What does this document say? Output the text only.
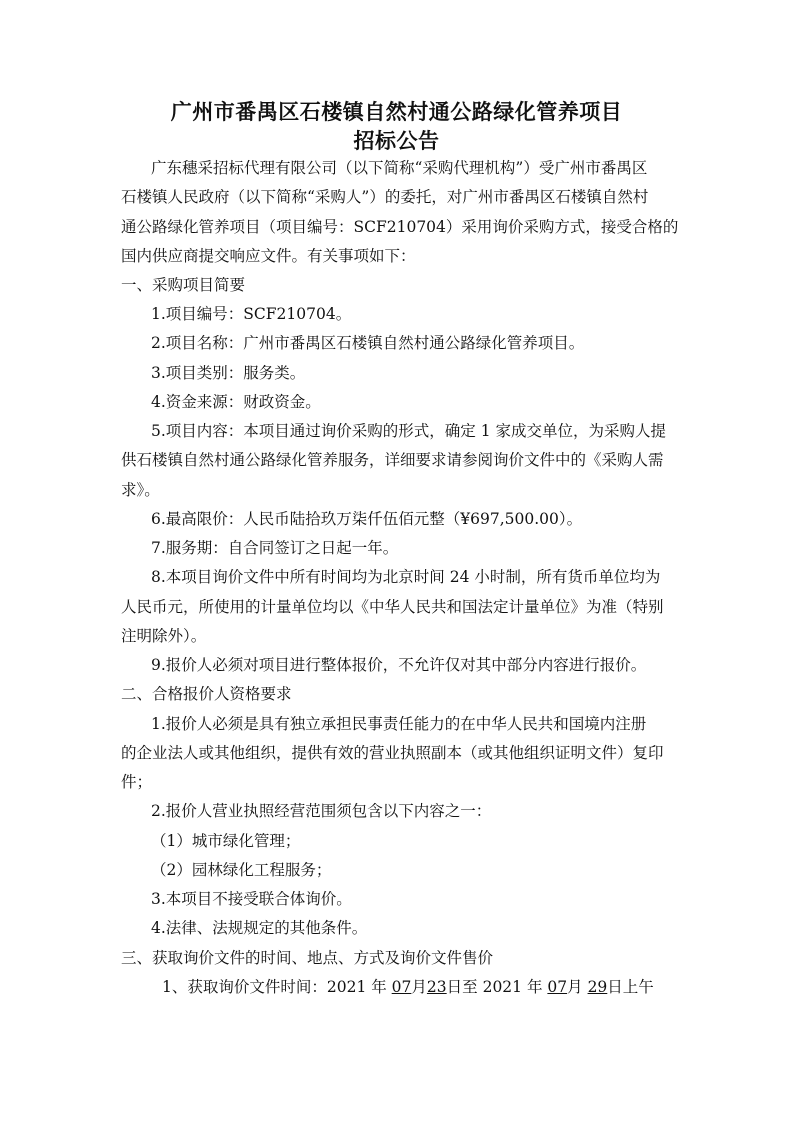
广州市番禺区石楼镇自然村通公路绿化管养项目
招标公告
广东穗采招标代理有限公司（以下简称“采购代理机构”）受广州市番禺区
石楼镇人民政府（以下简称“采购人”）的委托，对广州市番禺区石楼镇自然村
通公路绿化管养项目（项目编号：SCF210704）采用询价采购方式，接受合格的
国内供应商提交响应文件。有关事项如下：
一、采购项目简要
1.项目编号：SCF210704。
2.项目名称：广州市番禺区石楼镇自然村通公路绿化管养项目。
3.项目类别：服务类。
4.资金来源：财政资金。
5.项目内容：本项目通过询价采购的形式，确定 1 家成交单位，为采购人提
供石楼镇自然村通公路绿化管养服务，详细要求请参阅询价文件中的《采购人需
求》。
6.最高限价：人民币陆拾玖万柒仟伍佰元整（¥697,500.00）。
7.服务期：自合同签订之日起一年。
8.本项目询价文件中所有时间均为北京时间 24 小时制，所有货币单位均为
人民币元，所使用的计量单位均以《中华人民共和国法定计量单位》为准（特别
注明除外）。
9.报价人必须对项目进行整体报价，不允许仅对其中部分内容进行报价。
二、合格报价人资格要求
1.报价人必须是具有独立承担民事责任能力的在中华人民共和国境内注册
的企业法人或其他组织，提供有效的营业执照副本（或其他组织证明文件）复印
件；
2.报价人营业执照经营范围须包含以下内容之一：
（1）城市绿化管理；
（2）园林绿化工程服务；
3.本项目不接受联合体询价。
4.法律、法规规定的其他条件。
三、获取询价文件的时间、地点、方式及询价文件售价
1、获取询价文件时间：2021 年 07月23日至 2021 年 07月 29日上午
